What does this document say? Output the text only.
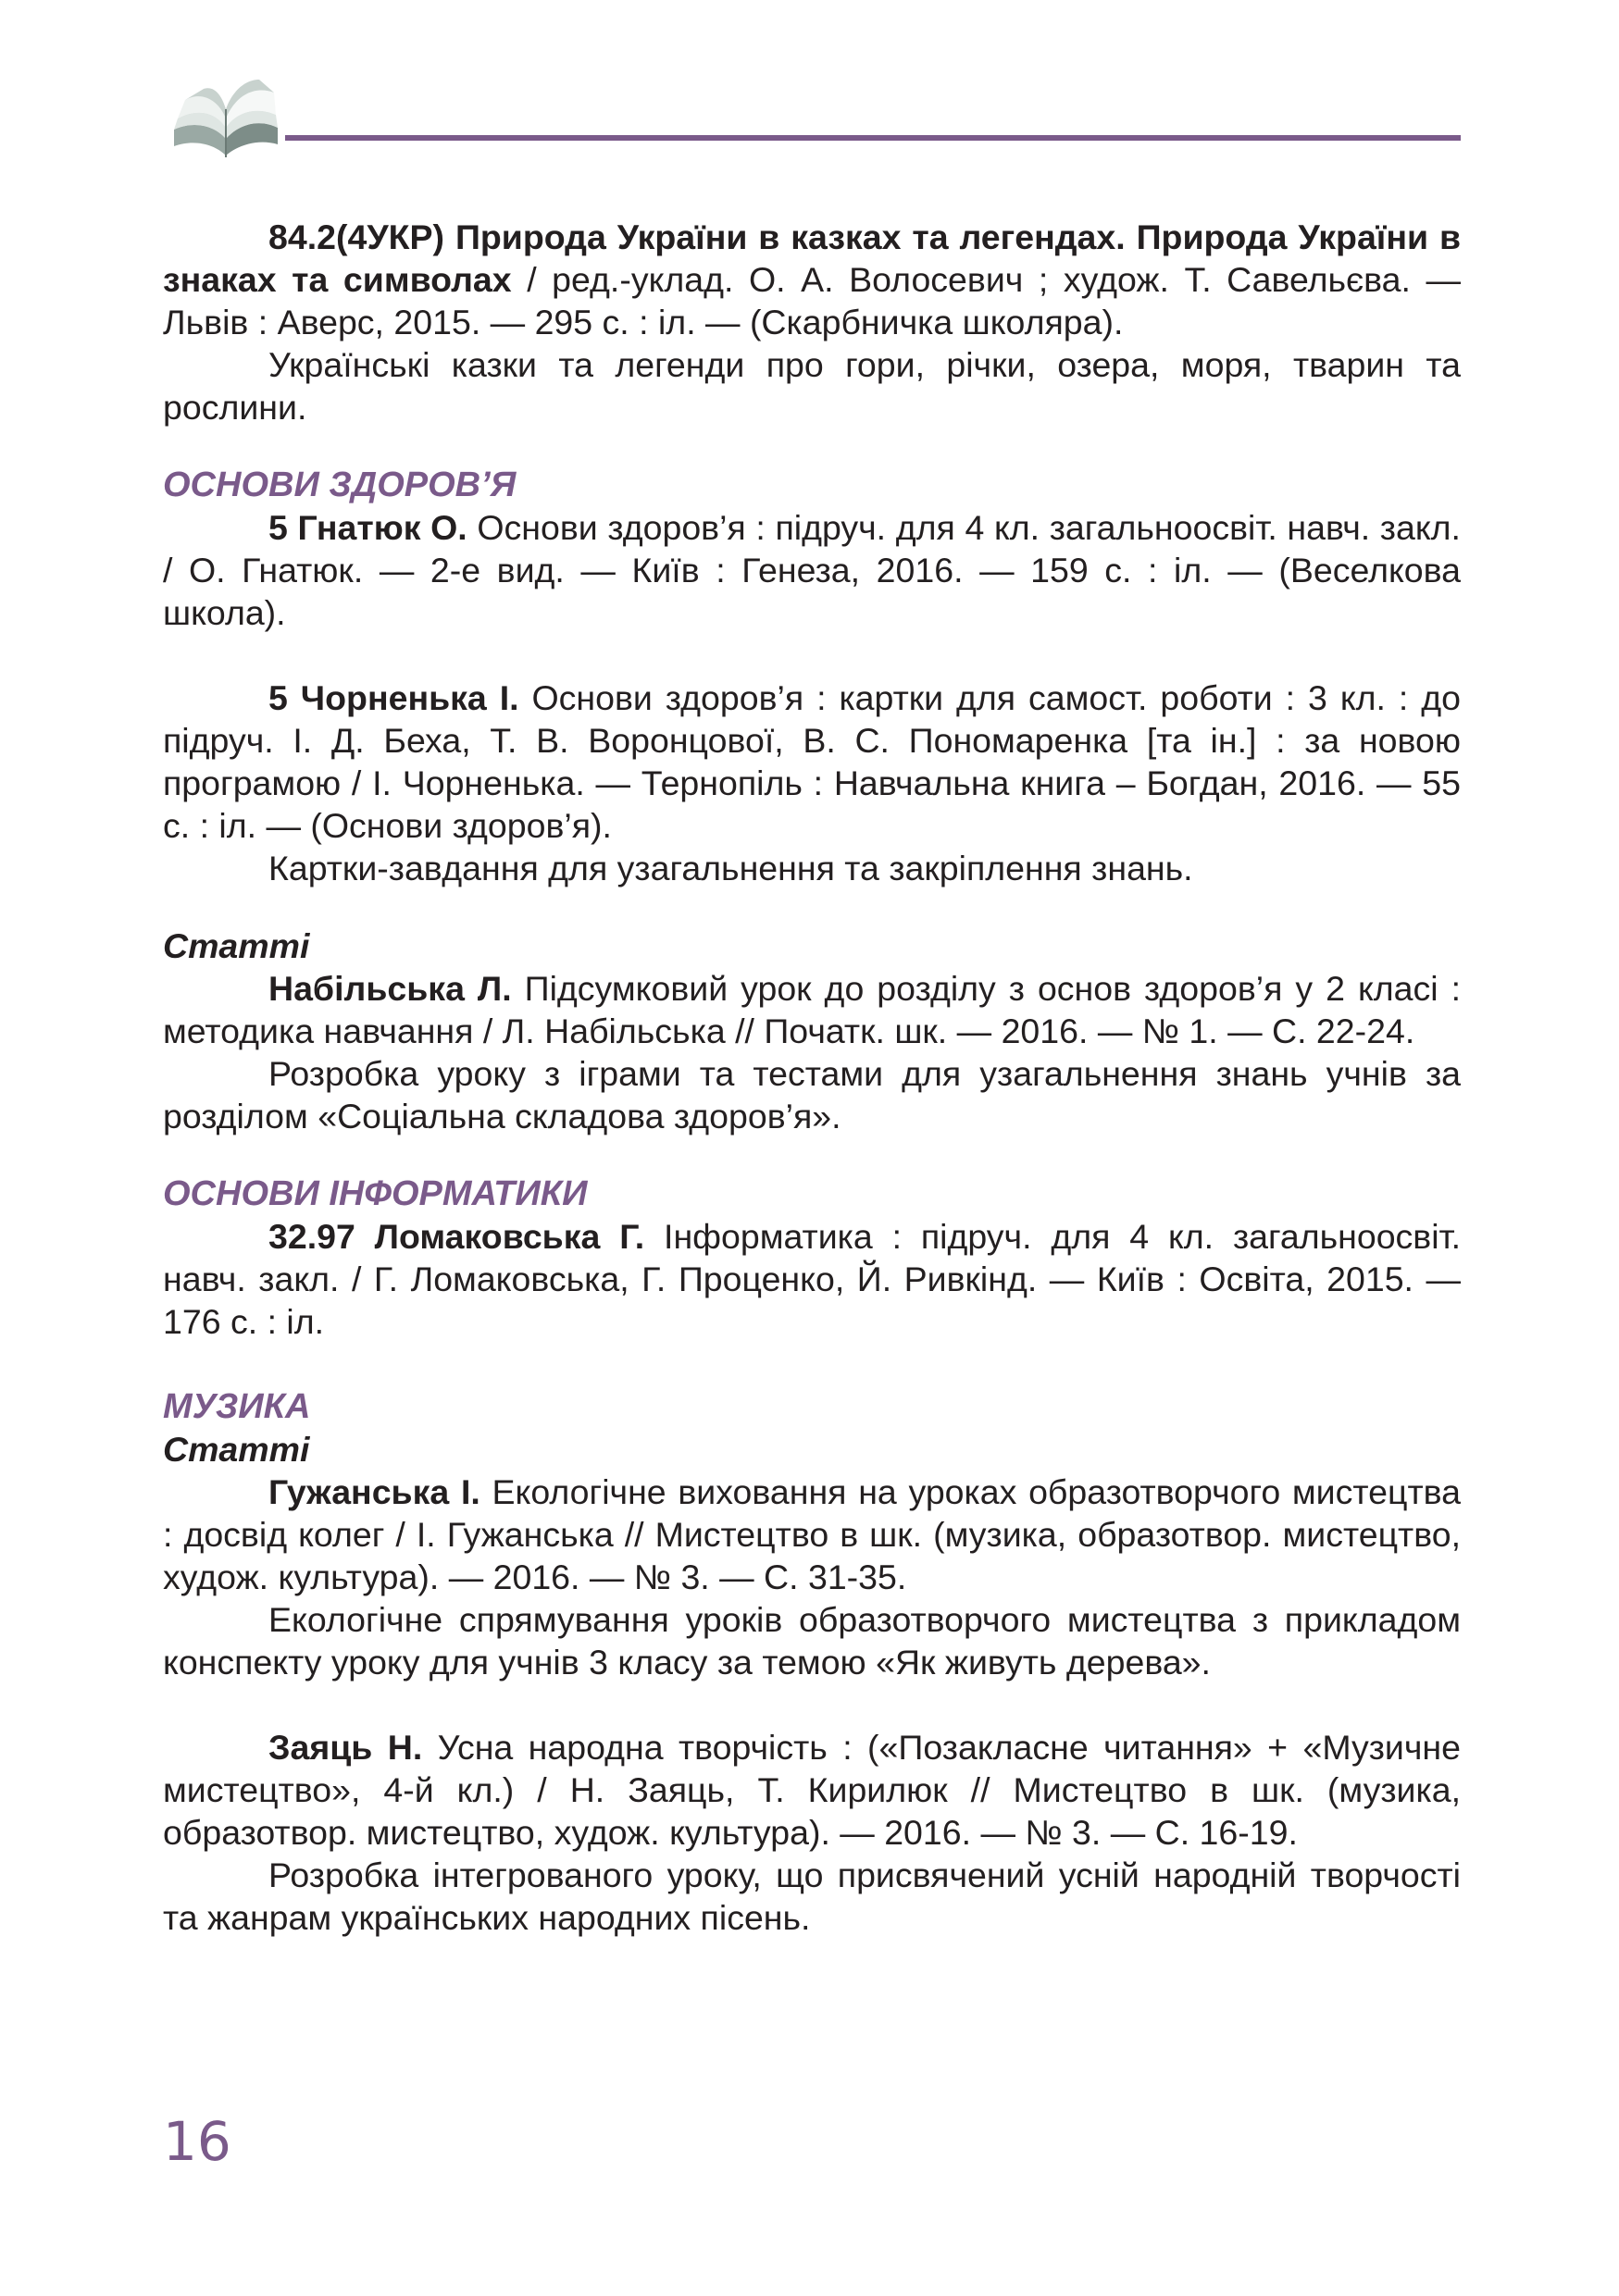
84.2(4УКР) Природа України в казках та легендах. Природа України в знаках та символах / ред.-уклад. О. А. Волосевич ; худож. Т. Савельєва. — Львів : Аверс, 2015. — 295 с. : іл. — (Скарбничка школяра).

Українські казки та легенди про гори, річки, озера, моря, тварин та рослини.

ОСНОВИ ЗДОРОВ’Я

5 Гнатюк О. Основи здоров’я : підруч. для 4 кл. загальноосвіт. навч. закл. / О. Гнатюк. — 2-е вид. — Київ : Генеза, 2016. — 159 с. : іл. — (Веселкова школа).

5 Чорненька І. Основи здоров’я : картки для самост. роботи : 3 кл. : до підруч. І. Д. Беха, Т. В. Воронцової, В. С. Пономаренка [та ін.] : за новою програмою / І. Чорненька. — Тернопіль : Навчальна книга – Богдан, 2016. — 55 с. : іл. — (Основи здоров’я).

Картки-завдання для узагальнення та закріплення знань.

Статті

Набільська Л. Підсумковий урок до розділу з основ здоров’я у 2 класі : методика навчання / Л. Набільська // Початк. шк. — 2016. — № 1. — С. 22-24.

Розробка уроку з іграми та тестами для узагальнення знань учнів за розділом «Соціальна складова здоров’я».

ОСНОВИ ІНФОРМАТИКИ

32.97 Ломаковська Г. Інформатика : підруч. для 4 кл. загальноосвіт. навч. закл. / Г. Ломаковська, Г. Проценко, Й. Ривкінд. — Київ : Освіта, 2015. — 176 с. : іл.

МУЗИКА

Статті

Гужанська І. Екологічне виховання на уроках образотворчого мистецтва : досвід колег / І. Гужанська // Мистецтво в шк. (музика, образотвор. мистецтво, худож. культура). — 2016. — № 3. — С. 31-35.

Екологічне спрямування уроків образотворчого мистецтва з прикладом конспекту уроку для учнів 3 класу за темою «Як живуть дерева».

Заяць Н. Усна народна творчість : («Позакласне читання» + «Музичне мистецтво», 4-й кл.) / Н. Заяць, Т. Кирилюк // Мистецтво в шк. (музика, образотвор. мистецтво, худож. культура). — 2016. — № 3. — С. 16-19.

Розробка інтегрованого уроку, що присвячений усній народній творчості та жанрам українських народних пісень.

16
